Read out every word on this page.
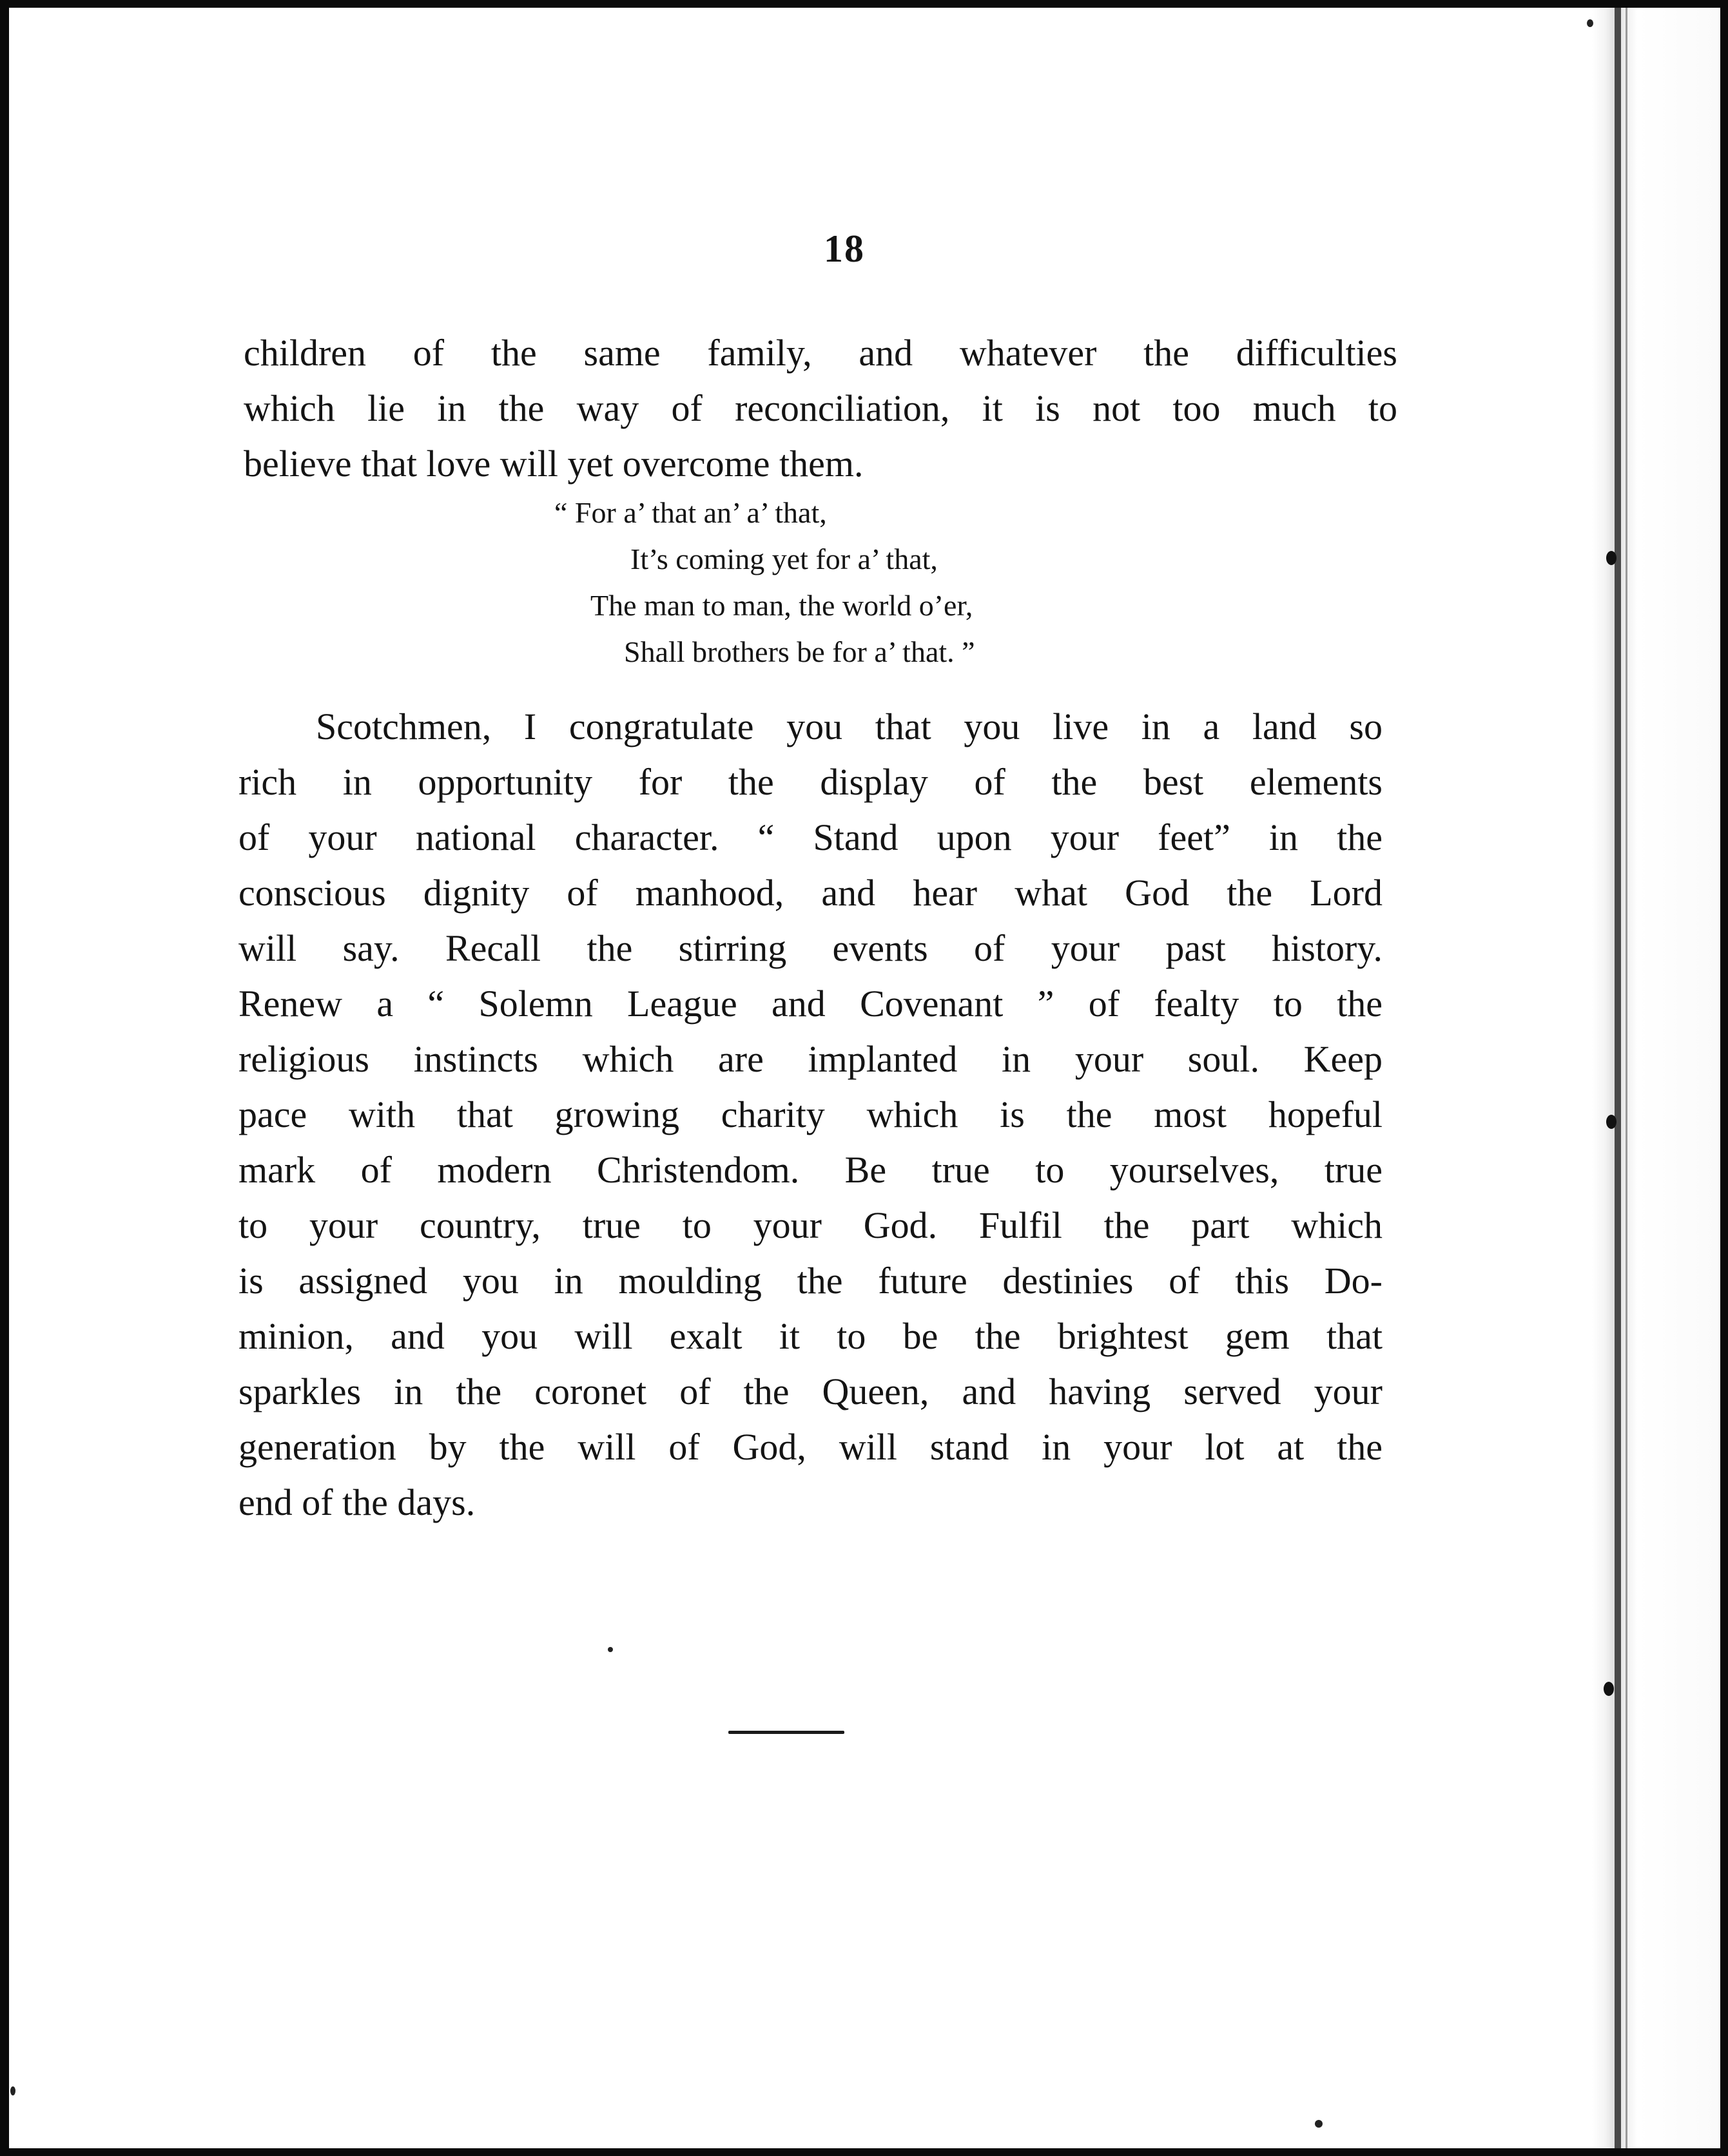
18
children of the same family, and whatever the difficulties
which lie in the way of reconciliation, it is not too much to
believe that love will yet overcome them.
“ For a’ that an’ a’ that,
It’s coming yet for a’ that,
The man to man, the world o’er,
Shall brothers be for a’ that. ”
Scotchmen, I congratulate you that you live in a land so
rich in opportunity for the display of the best elements
of your national character. “ Stand upon your feet” in the
conscious dignity of manhood, and hear what God the Lord
will say. Recall the stirring events of your past history.
Renew a “ Solemn League and Covenant ” of fealty to the
religious instincts which are implanted in your soul. Keep
pace with that growing charity which is the most hopeful
mark of modern Christendom. Be true to yourselves, true
to your country, true to your God. Fulfil the part which
is assigned you in moulding the future destinies of this Do-
minion, and you will exalt it to be the brightest gem that
sparkles in the coronet of the Queen, and having served your
generation by the will of God, will stand in your lot at the
end of the days.
